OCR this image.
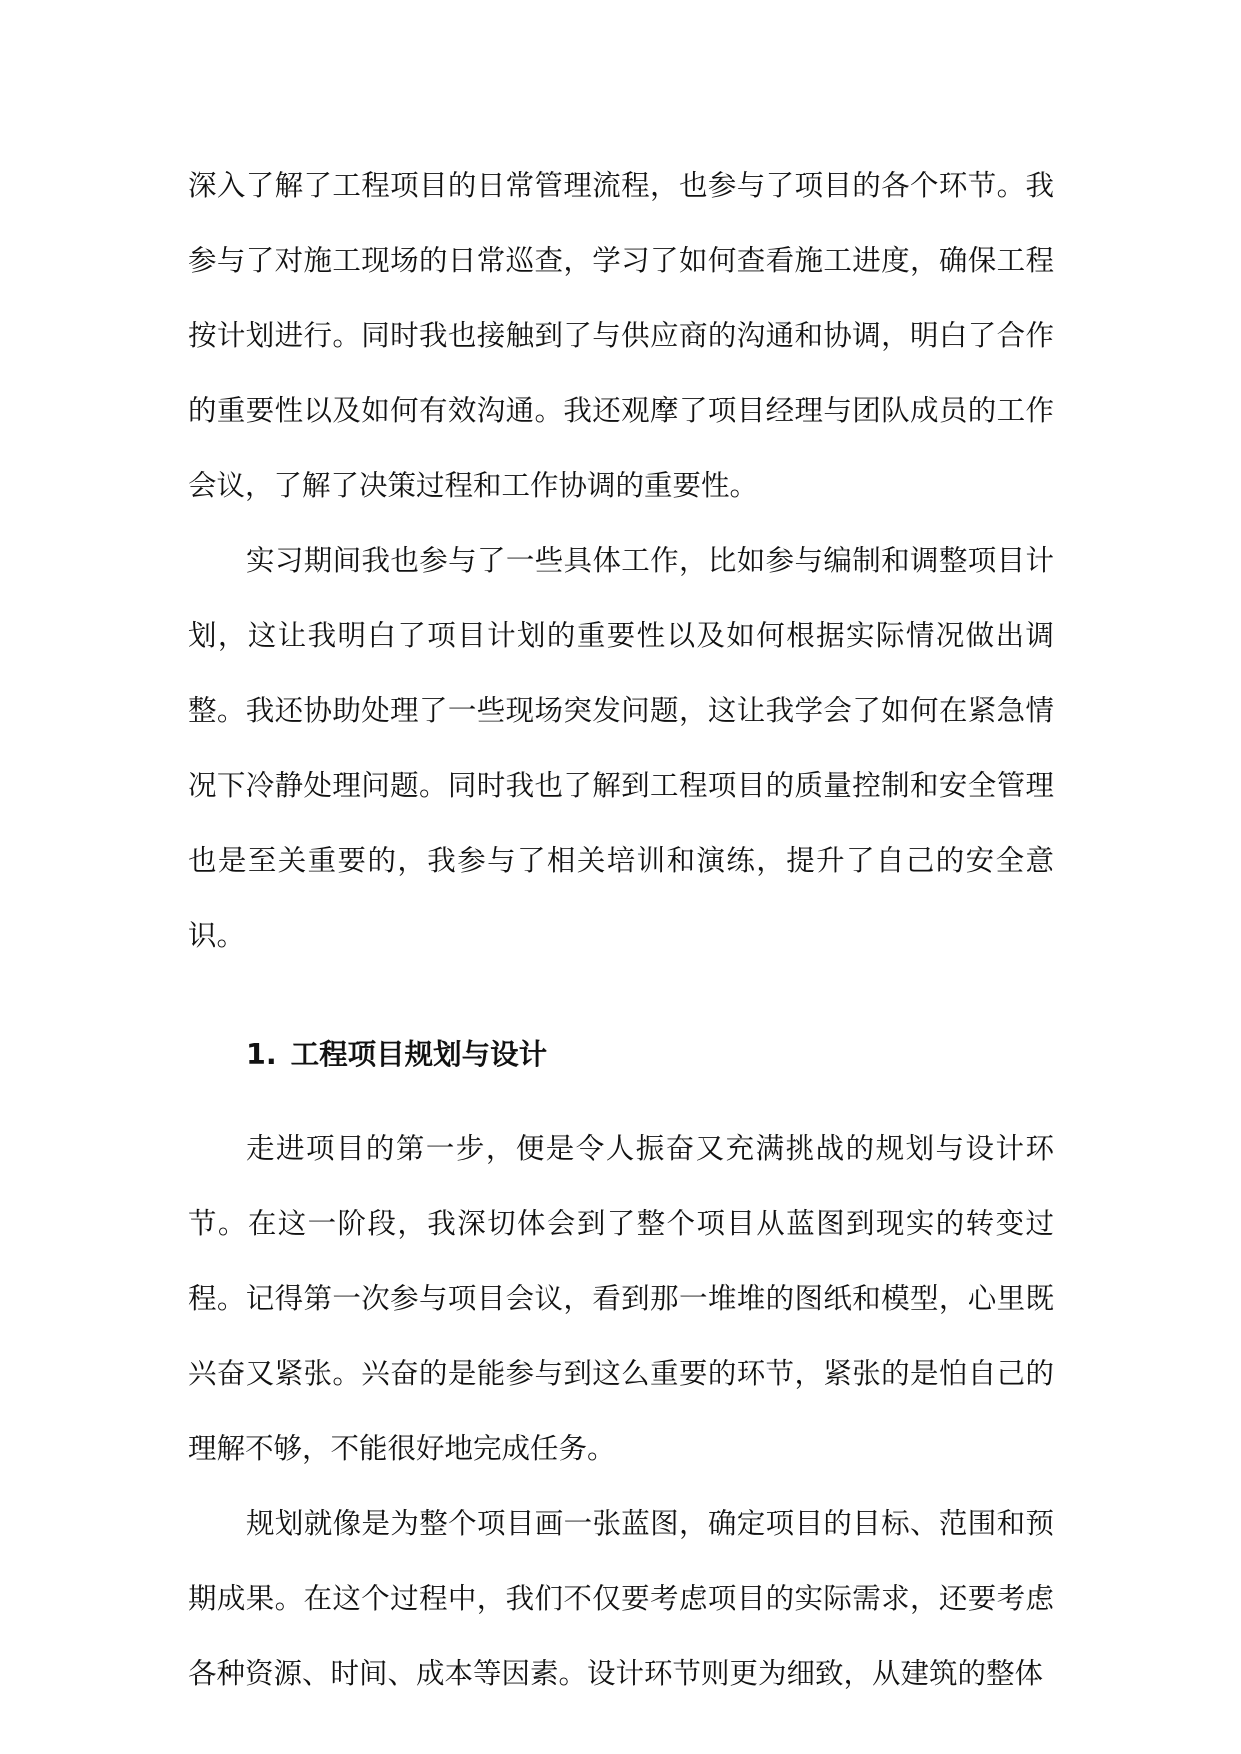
深入了解了工程项目的日常管理流程，也参与了项目的各个环节。我参与了对施工现场的日常巡查，学习了如何查看施工进度，确保工程按计划进行。同时我也接触到了与供应商的沟通和协调，明白了合作的重要性以及如何有效沟通。我还观摩了项目经理与团队成员的工作会议，了解了决策过程和工作协调的重要性。

实习期间我也参与了一些具体工作，比如参与编制和调整项目计划，这让我明白了项目计划的重要性以及如何根据实际情况做出调整。我还协助处理了一些现场突发问题，这让我学会了如何在紧急情况下冷静处理问题。同时我也了解到工程项目的质量控制和安全管理也是至关重要的，我参与了相关培训和演练，提升了自己的安全意识。

1. 工程项目规划与设计

走进项目的第一步，便是令人振奋又充满挑战的规划与设计环节。在这一阶段，我深切体会到了整个项目从蓝图到现实的转变过程。记得第一次参与项目会议，看到那一堆堆的图纸和模型，心里既兴奋又紧张。兴奋的是能参与到这么重要的环节，紧张的是怕自己的理解不够，不能很好地完成任务。

规划就像是为整个项目画一张蓝图，确定项目的目标、范围和预期成果。在这个过程中，我们不仅要考虑项目的实际需求，还要考虑各种资源、时间、成本等因素。设计环节则更为细致，从建筑的整体
